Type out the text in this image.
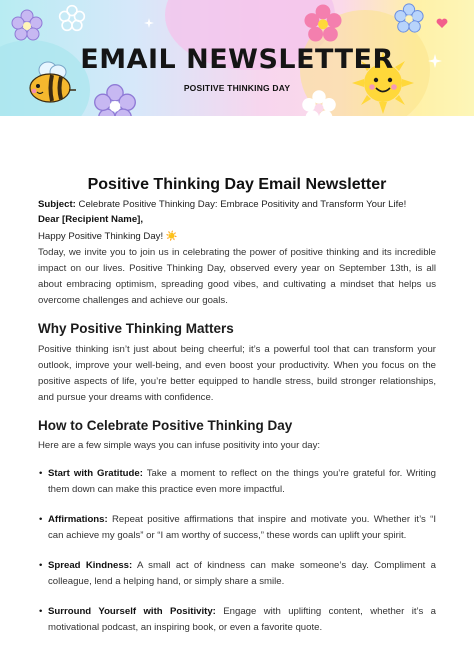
EMAIL NEWSLETTER
POSITIVE THINKING DAY
Positive Thinking Day Email Newsletter

Subject: Celebrate Positive Thinking Day: Embrace Positivity and Transform Your Life!

Dear [Recipient Name],

Happy Positive Thinking Day! ☀️

Today, we invite you to join us in celebrating the power of positive thinking and its incredible impact on our lives. Positive Thinking Day, observed every year on September 13th, is all about embracing optimism, spreading good vibes, and cultivating a mindset that helps us overcome challenges and achieve our goals.

Why Positive Thinking Matters

Positive thinking isn’t just about being cheerful; it’s a powerful tool that can transform your outlook, improve your well-being, and even boost your productivity. When you focus on the positive aspects of life, you’re better equipped to handle stress, build stronger relationships, and pursue your dreams with confidence.

How to Celebrate Positive Thinking Day

Here are a few simple ways you can infuse positivity into your day:

• Start with Gratitude: Take a moment to reflect on the things you’re grateful for. Writing them down can make this practice even more impactful.
• Affirmations: Repeat positive affirmations that inspire and motivate you. Whether it’s “I can achieve my goals” or “I am worthy of success,” these words can uplift your spirit.
• Spread Kindness: A small act of kindness can make someone’s day. Compliment a colleague, lend a helping hand, or simply share a smile.
• Surround Yourself with Positivity: Engage with uplifting content, whether it’s a motivational podcast, an inspiring book, or even a favorite quote.
